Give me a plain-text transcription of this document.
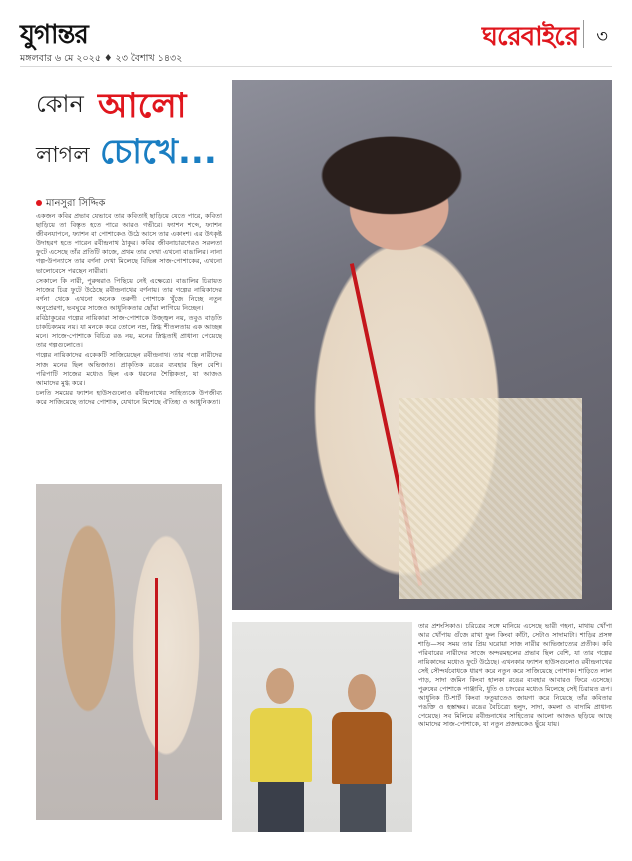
যুগান্তর
মঙ্গলবার ৬ মে ২০২৫ ♦ ২৩ বৈশাখ ১৪৩২
ঘরেবাইরে ৩
কোন আলো
লাগল চোখে...
মানসুরা সিদ্দিক

একজন কবির প্রভাব যেভাবে তার কবিতাই ছাড়িয়ে যেতে পারে, কবিতা ছাড়িয়ে তা বিস্তৃত হতে পারে আরও গভীরে। ফ্যাশন শব্দে, ফ্যাশন জীবনযাপনে, ফ্যাশন বা পোশাকেও উঠে আসে তার একাংশ। এর উৎকৃষ্ট উদাহরণ হতে পারেন রবীন্দ্রনাথ ঠাকুর। কবির জীবনাচারণেরও সরলতা ফুটে এসেছে তাঁর প্রতিটি কাজে, প্রথম তার দেখা এখনো বাঙালির। নানা গল্প-উপন্যাসে তার বর্ণনা দেখা মিলেছে বিভিন্ন সাজ-পোশাকের, এখনো ভালোবেসে পরছেন নারীরা।

সেকালে কি নারী, পুরুষরাও পিছিয়ে নেই এক্ষেত্রে। বাঙালির চিরায়ত সাজের চিত্র ফুটে উঠেছে রবীন্দ্রনাথের বর্ণনায়। তার গল্পের নায়িকাদের বর্ণনা থেকে এখনো অনেক তরুণী পোশাকে খুঁজে নিচ্ছে নতুন অনুপ্রেরণা, ভবঘুরে সাজেও আধুনিকতার ছোঁয়া লাগিয়ে নিচ্ছেন।

রবিঠাকুরের গল্পের নায়িকারা সাজ-পোশাকে উজ্জ্বল নয়, তবুও বাড়তি চাকচিক্যময় নয়। যা মনকে করে তোলে নম্র, স্নিগ্ধ শীতলতায় এক আচ্ছন্ন মনে। সাজে-পোশাকে বিচিত্র রঙ নয়, মনের স্নিগ্ধতাই প্রাধান্য পেয়েছে তার গল্পগুলোতে।

গল্পের নায়িকাদের একেকটি সাজিয়েছেন রবীন্দ্রনাথ। তার গল্পে নারীদের সাজ মনের ছিল অভিজাত। প্রাকৃতিক রঙের ব্যবহার ছিল বেশি। পরিপাটি সাজের মধ্যেও ছিল এক ধরনের শৈল্পিকতা, যা আজও আমাদের মুগ্ধ করে।

চলতি সময়ের ফ্যাশন হাউসগুলোও রবীন্দ্রনাথের সাহিত্যকে উপজীব্য করে সাজিয়েছে তাদের পোশাক, যেখানে মিশেছে ঐতিহ্য ও আধুনিকতা।

তার প্রশংসিকাও। চরিত্রের সঙ্গে মানিয়ে এসেছে ভারী গহনা, মাথায় খোঁপা আর খোঁপায় গুঁজে রাখা ফুল কিংবা কাঁটা, সেটাও সাদামাটা। শাড়ির প্রসঙ্গ শাড়ি—সব সময় তার প্রিয় ঘরোয়া সাজ নারীর আভিজাত্যের প্রতীক। কবি পরিবারের নারীদের সাজে অন্দরমহলের প্রভাব ছিল বেশি, যা তার গল্পের নায়িকাদের মধ্যেও ফুটে উঠেছে। এখনকার ফ্যাশন হাউসগুলোও রবীন্দ্রনাথের সেই সৌন্দর্যবোধকে ধারণ করে নতুন করে সাজিয়েছে পোশাক। শাড়িতে লাল পাড়, সাদা জমিন কিংবা হালকা রঙের ব্যবহার আবারও ফিরে এসেছে। পুরুষের পোশাকে পাঞ্জাবি, ধুতি ও চাদরের মধ্যেও মিলেছে সেই চিরায়ত রূপ। আধুনিক টি-শার্ট কিংবা ফতুয়াতেও জায়গা করে নিয়েছে তাঁর কবিতার পঙক্তি ও হস্তাক্ষর। রঙের বৈচিত্র্যে হলুদ, সাদা, কমলা ও বাদামি প্রাধান্য পেয়েছে। সব মিলিয়ে রবীন্দ্রনাথের সাহিত্যের আলো আজও ছড়িয়ে আছে আমাদের সাজ-পোশাকে, যা নতুন প্রজন্মকেও ছুঁয়ে যায়।
